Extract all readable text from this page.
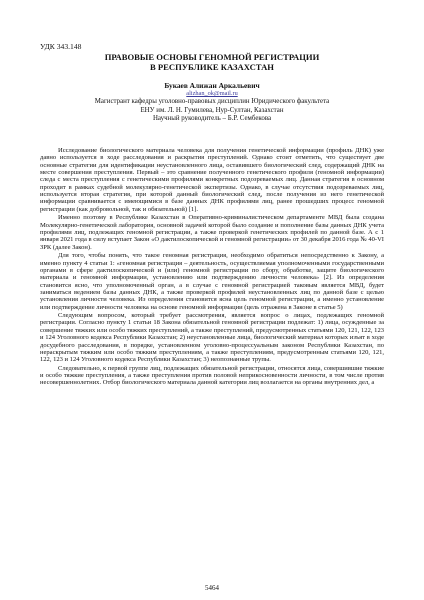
УДК 343.148
ПРАВОВЫЕ ОСНОВЫ ГЕНОМНОЙ РЕГИСТРАЦИИ
В РЕСПУБЛИКЕ КАЗАХСТАН
Букаев Алижан Аркальевич
alizhan_ok@mail.ru
Магистрант кафедры уголовно-правовых дисциплин Юридического факультета
ЕНУ им. Л. Н. Гумилева, Нур-Султан, Казахстан
Научный руководитель – Б.Р. Сембекова

Исследование биологического материала человека для получения генетической информации (профиль ДНК) уже давно используется в ходе расследования и раскрытия преступлений. Однако стоит отметить, что существует две основные стратегии для идентификации неустановленного лица, оставившего биологический след, содержащий ДНК на месте совершения преступления. Первый – это сравнение полученного генетического профиля (геномной информации) следа с места преступления с генетическими профилями конкретных подозреваемых лиц. Данная стратегия в основном проходит в рамках судебной молекулярно-генетической экспертизы. Однако, в случае отсутствия подозреваемых лиц, используется вторая стратегия, при которой данный биологический след, после получения из него генетической информации сравнивается с имеющимися в базе данных ДНК профилями лиц, ранее прошедших процесс геномной регистрации (как добровольной, так и обязательной) [1].

Именно поэтому в Республике Казахстан в Оперативно-криминалистическом департаменте МВД была создана Молекулярно-генетической лаборатория, основной задачей которой было создание и пополнение базы данных ДНК учета профилями лиц, подлежащих геномной регистрации, а также проверкой генетических профилей по данной базе. А с 1 января 2021 года в силу вступает Закон «О дактилоскопической и геномной регистрации» от 30 декабря 2016 года № 40-VI ЗРК (далее Закон).

Для того, чтобы понять, что такое геномная регистрация, необходимо обратиться непосредственно к Закону, а именно пункту 4 статьи 1: «геномная регистрация – деятельность, осуществляемая уполномоченными государственными органами в сфере дактилоскопической и (или) геномной регистрации по сбору, обработке, защите биологического материала и геномной информации, установлению или подтверждению личности человека» [2]. Из определения становится ясно, что уполномоченный орган, а в случае с геномной регистрацией таковым является МВД, будет заниматься ведением базы данных ДНК, а также проверкой профилей неустановленных лиц по данной базе с целью установления личности человека. Из определения становится ясна цель геномной регистрации, а именно установление или подтверждение личности человека на основе геномной информации (цель отражена в Законе в статье 5)

Следующим вопросом, который требует рассмотрения, является вопрос о лицах, подлежащих геномной регистрации. Согласно пункту 1 статьи 18 Закона обязательной геномной регистрации подлежат: 1) лица, осужденные за совершение тяжких или особо тяжких преступлений, а также преступлений, предусмотренных статьями 120, 121, 122, 123 и 124 Уголовного кодекса Республики Казахстан; 2) неустановленные лица, биологический материал которых изъят в ходе досудебного расследования, в порядке, установленном уголовно-процессуальным законом Республики Казахстан, по нераскрытым тяжким или особо тяжким преступлениям, а также преступлениям, предусмотренным статьями 120, 121, 122, 123 и 124 Уголовного кодекса Республики Казахстан; 3) неопознанные трупы.

Следовательно, к первой группе лиц, подлежащих обязательной регистрации, относятся лица, совершившие тяжкие и особо тяжкие преступления, а также преступления против половой неприкосновенности личности, в том числе против несовершеннолетних. Отбор биологического материала данной категории лиц возлагается на органы внутренних дел, а

5464
